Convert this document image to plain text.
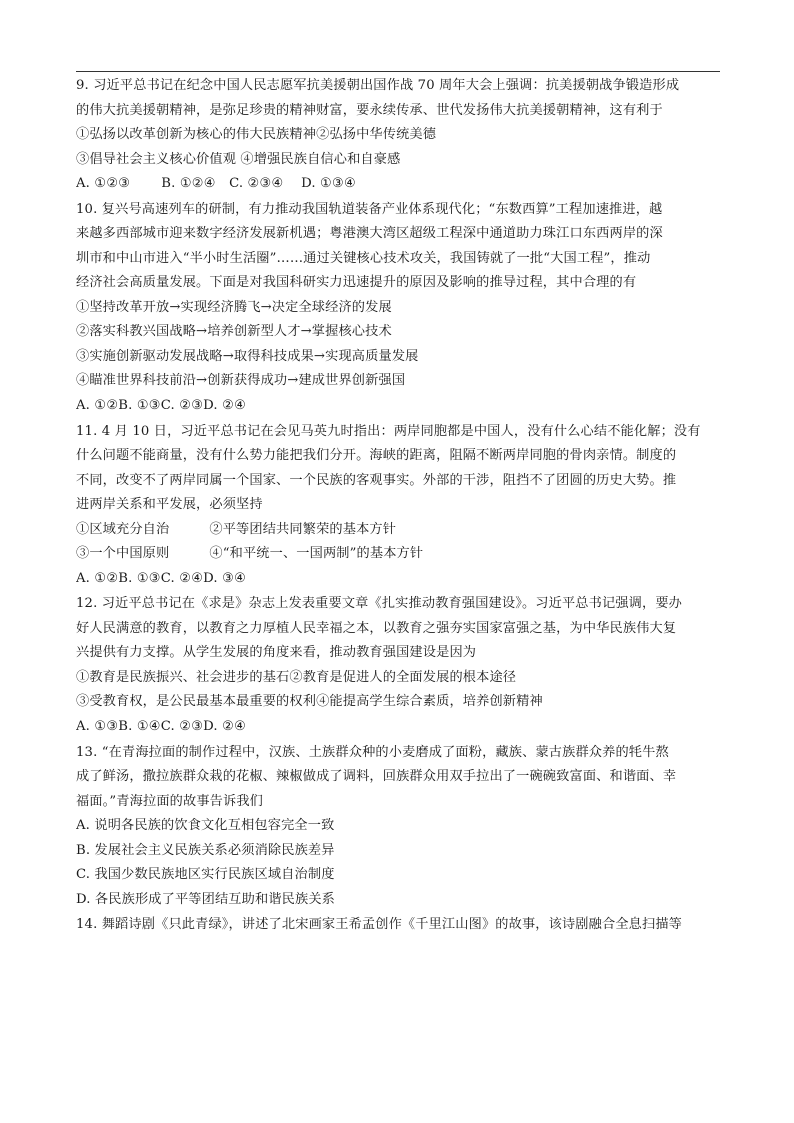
9. 习近平总书记在纪念中国人民志愿军抗美援朝出国作战 70 周年大会上强调：抗美援朝战争锻造形成
的伟大抗美援朝精神，是弥足珍贵的精神财富，要永续传承、世代发扬伟大抗美援朝精神，这有利于
①弘扬以改革创新为核心的伟大民族精神②弘扬中华传统美德
③倡导社会主义核心价值观 ④增强民族自信心和自豪感
A. ①②③　　 B. ①②④　C. ②③④　 D. ①③④
10. 复兴号高速列车的研制，有力推动我国轨道装备产业体系现代化；“东数西算”工程加速推进，越
来越多西部城市迎来数字经济发展新机遇；粤港澳大湾区超级工程深中通道助力珠江口东西两岸的深
圳市和中山市进入“半小时生活圈”……通过关键核心技术攻关，我国铸就了一批“大国工程”，推动
经济社会高质量发展。下面是对我国科研实力迅速提升的原因及影响的推导过程，其中合理的有
①坚持改革开放→实现经济腾飞→决定全球经济的发展
②落实科教兴国战略→培养创新型人才→掌握核心技术
③实施创新驱动发展战略→取得科技成果→实现高质量发展
④瞄准世界科技前沿→创新获得成功→建成世界创新强国
A. ①②B. ①③C. ②③D. ②④
11. 4 月 10 日，习近平总书记在会见马英九时指出：两岸同胞都是中国人，没有什么心结不能化解；没有
什么问题不能商量，没有什么势力能把我们分开。海峡的距离，阻隔不断两岸同胞的骨肉亲情。制度的
不同，改变不了两岸同属一个国家、一个民族的客观事实。外部的干涉，阻挡不了团圆的历史大势。推
进两岸关系和平发展，必须坚持
①区域充分自治　　　②平等团结共同繁荣的基本方针
③一个中国原则　　　④“和平统一、一国两制”的基本方针
A. ①②B. ①③C. ②④D. ③④
12. 习近平总书记在《求是》杂志上发表重要文章《扎实推动教育强国建设》。习近平总书记强调，要办
好人民满意的教育，以教育之力厚植人民幸福之本，以教育之强夯实国家富强之基，为中华民族伟大复
兴提供有力支撑。从学生发展的角度来看，推动教育强国建设是因为
①教育是民族振兴、社会进步的基石②教育是促进人的全面发展的根本途径
③受教育权，是公民最基本最重要的权利④能提高学生综合素质，培养创新精神
A. ①③B. ①④C. ②③D. ②④
13. “在青海拉面的制作过程中，汉族、土族群众种的小麦磨成了面粉，藏族、蒙古族群众养的牦牛熬
成了鲜汤，撒拉族群众栽的花椒、辣椒做成了调料，回族群众用双手拉出了一碗碗致富面、和谐面、幸
福面。”青海拉面的故事告诉我们
A. 说明各民族的饮食文化互相包容完全一致
B. 发展社会主义民族关系必须消除民族差异
C. 我国少数民族地区实行民族区域自治制度
D. 各民族形成了平等团结互助和谐民族关系
14. 舞蹈诗剧《只此青绿》，讲述了北宋画家王希孟创作《千里江山图》的故事，该诗剧融合全息扫描等
